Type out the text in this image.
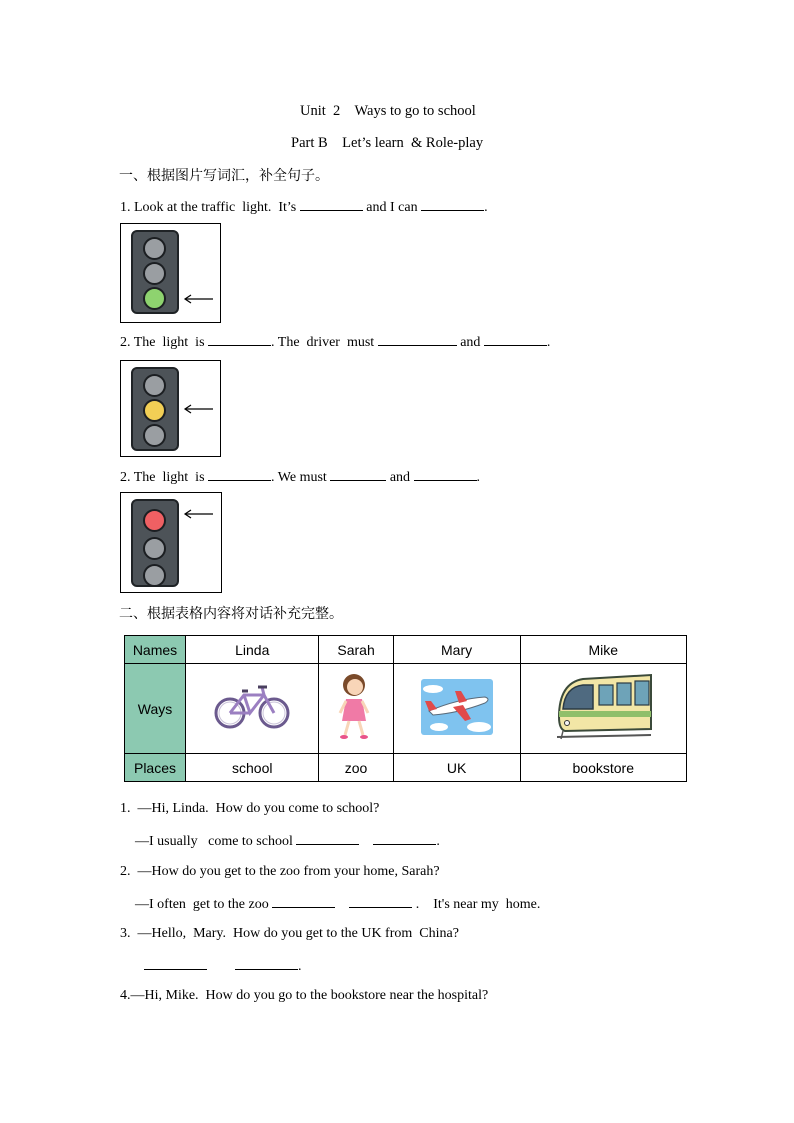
Unit  2    Ways to go to school
Part B    Let’s learn  & Role-play
一、根据图片写词汇，补全句子。
1. Look at the traffic  light.  It’s	and I can	.
2. The  light  is	. The  driver  must	and	.
2. The  light  is	. We must	and	.
二、根据表格内容将对话补充完整。
Names	Linda	Sarah	Mary	Mike
Ways				
Places	school	zoo	UK	bookstore
1.  —Hi, Linda.  How do you come to school?
—I usually   come to school	.
2.  —How do you get to the zoo from your home, Sarah?
—I often  get to the zoo	.    It's near my  home.
3.  —Hello,  Mary.  How do you get to the UK from  China?
.
4.—Hi, Mike.  How do you go to the bookstore near the hospital?
